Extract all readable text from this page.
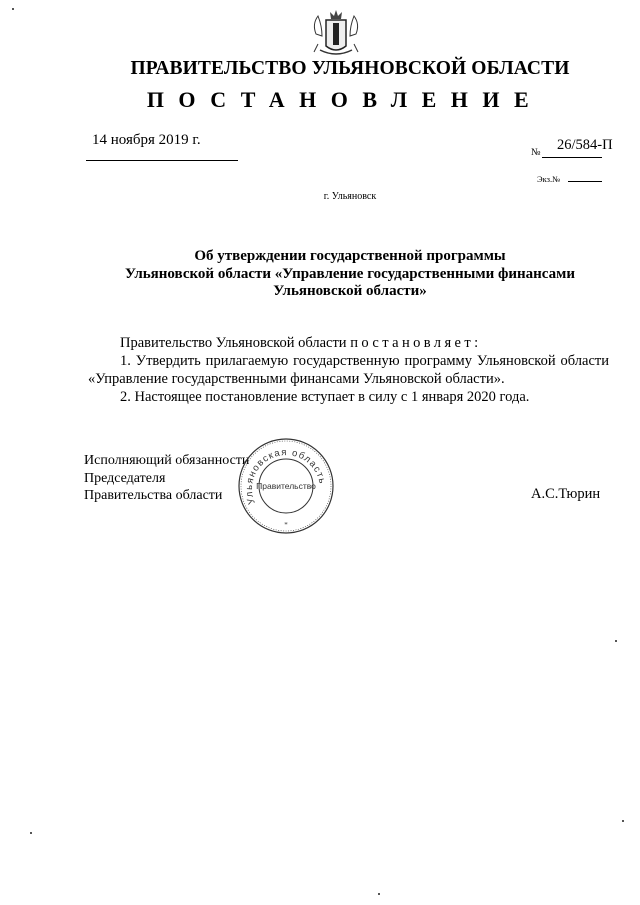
ПРАВИТЕЛЬСТВО УЛЬЯНОВСКОЙ ОБЛАСТИ
ПОСТАНОВЛЕНИЕ
14 ноября 2019 г.
№ 26/584-П
Экз.№
г. Ульяновск
Об утверждении государственной программы
Ульяновской области «Управление государственными финансами
Ульяновской области»

Правительство Ульяновской области постановляет:

1. Утвердить прилагаемую государственную программу Ульяновской области «Управление государственными финансами Ульяновской области».

2. Настоящее постановление вступает в силу с 1 января 2020 года.

Исполняющий обязанности
Председателя
Правительства области	А.С.Тюрин
Ульяновская область
Правительство
*
